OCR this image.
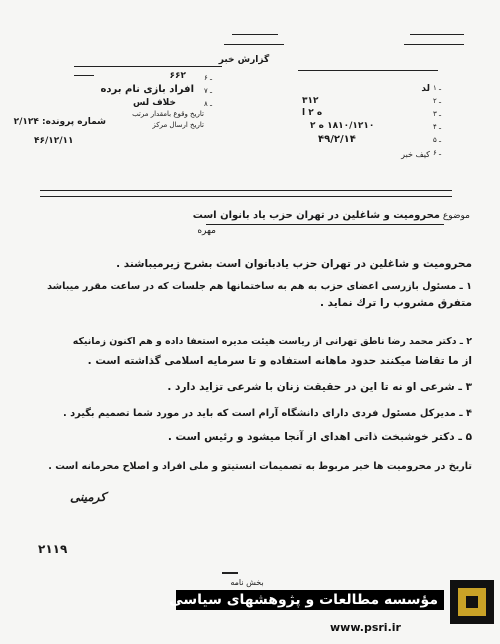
گزارش خبر
۶۶۲
افراد بازی نام برده
خلاف لس
تاریخ وقوع بامقدار مرتب
تاریخ ارسال مرکز
شماره پرونده: ۲/۱۲۴
۴۶/۱۲/۱۱
۶ ـ
۷ ـ
۸ ـ
لد
۳۱۲
ه ۲ ا
۱۸۱۰/۱۲۱۰ ه ۲
۴۹/۲/۱۴
کیف خبر
۱ ـ
۲ ـ
۳ ـ
۴ ـ
۵ ـ
۶ ـ
محرومیت و شاغلین در تهران حزب یاد بانوان است موضوع
مهره
محرومیت و شاغلین در تهران حزب یادبانوان است بشرح زیرمیباشند .
۱ ـ مسئول بازرسی اعضای حزب به هم به ساختمانها هم جلسات که در ساعت مقرر میباشد
متفرق مشروب را ترك نماید .
۲ ـ دکتر محمد رضا ناطق تهرانی از ریاست هیئت مدیره استعفا داده و هم اکنون زمانیکه
از ما تقاضا میکنند حدود ماهانه استفاده و تا سرمایه اسلامی گذاشته است .
۳ ـ شرعی او نه تا این در حقیقت زنان با شرعی تزاید دارد .
۴ ـ مدیرکل مسئول فردی دارای دانشگاه آرام است که باید در مورد شما تصمیم بگیرد .
۵ ـ دکتر خوشبخت ذاتی اهدای از آنجا میشود و رئیس است .
تاریخ در محرومیت ها خبر مربوط به تصمیمات انستیتو و ملی افراد و اصلاح محرمانه است .
کرمینی
۲۱۱۹
بخش نامه
مؤسسه مطالعات و پژوهشهای سیاسی
www.psri.ir
